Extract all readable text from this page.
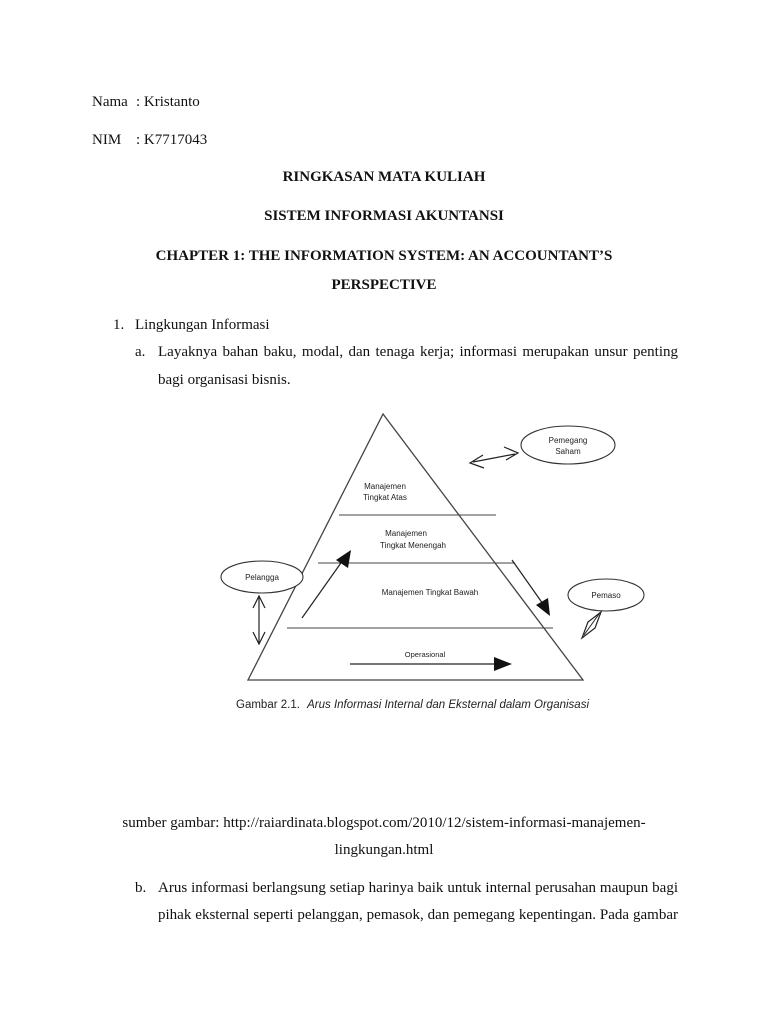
Nama : Kristanto
NIM : K7717043
RINGKASAN MATA KULIAH
SISTEM INFORMASI AKUNTANSI
CHAPTER 1: THE INFORMATION SYSTEM: AN ACCOUNTANT’S
PERSPECTIVE
1. Lingkungan Informasi
a. Layaknya bahan baku, modal, dan tenaga kerja; informasi merupakan unsur penting
bagi organisasi bisnis.
Manajemen
Tingkat Atas
Manajemen
Tingkat Menengah
Manajemen Tingkat Bawah
Operasional
Pemegang
Saham
Pelangga
Pemaso
Gambar 2.1. Arus Informasi Internal dan Eksternal dalam Organisasi
sumber gambar: http://raiardinata.blogspot.com/2010/12/sistem-informasi-manajemen-
lingkungan.html
b. Arus informasi berlangsung setiap harinya baik untuk internal perusahan maupun bagi
pihak eksternal seperti pelanggan, pemasok, dan pemegang kepentingan. Pada gambar
